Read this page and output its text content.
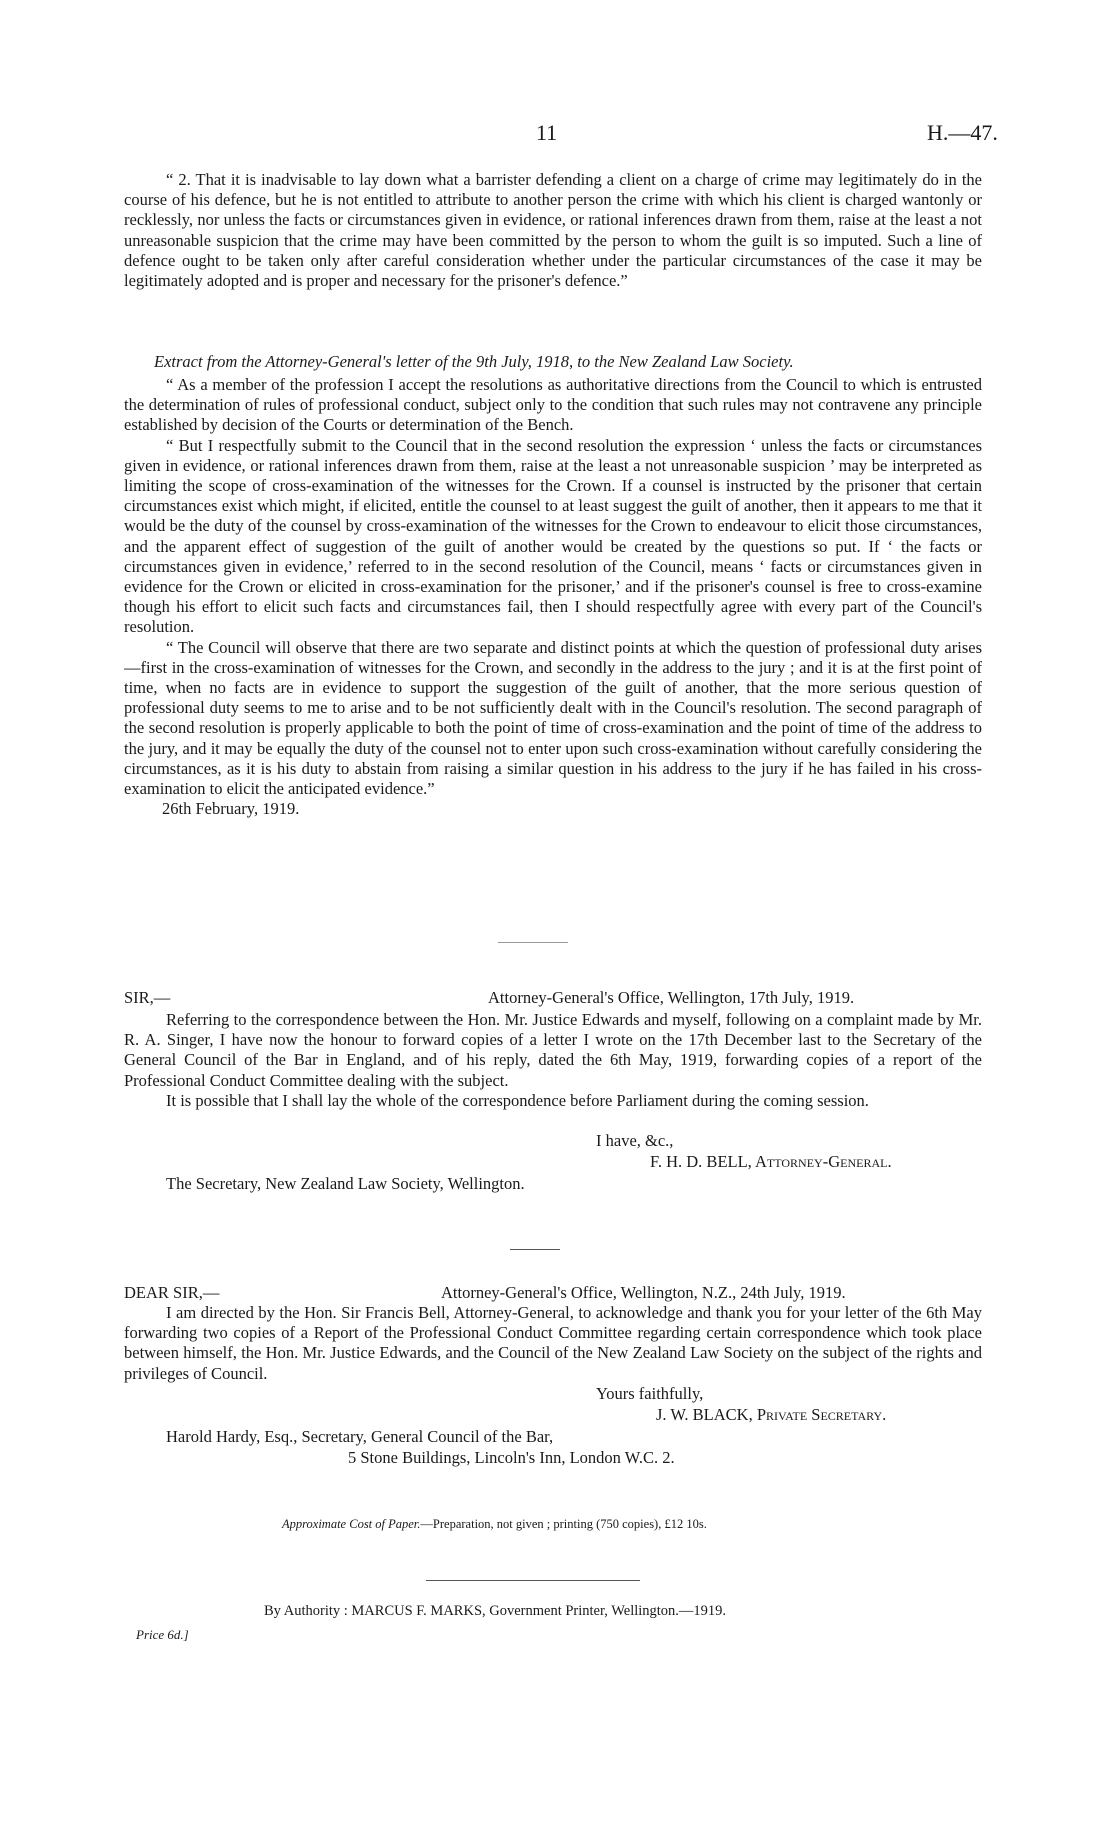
11	H.—47.

“ 2. That it is inadvisable to lay down what a barrister defending a client on a charge of crime may legitimately do in the course of his defence, but he is not entitled to attribute to another person the crime with which his client is charged wantonly or recklessly, nor unless the facts or circumstances given in evidence, or rational inferences drawn from them, raise at the least a not unreasonable suspicion that the crime may have been committed by the person to whom the guilt is so imputed. Such a line of defence ought to be taken only after careful consideration whether under the particular circumstances of the case it may be legitimately adopted and is proper and necessary for the prisoner's defence.”

Extract from the Attorney-General's letter of the 9th July, 1918, to the New Zealand Law Society.

“ As a member of the profession I accept the resolutions as authoritative directions from the Council to which is entrusted the determination of rules of professional conduct, subject only to the condition that such rules may not contravene any principle established by decision of the Courts or determination of the Bench.

“ But I respectfully submit to the Council that in the second resolution the expression ‘ unless the facts or circumstances given in evidence, or rational inferences drawn from them, raise at the least a not unreasonable suspicion ’ may be interpreted as limiting the scope of cross-examination of the witnesses for the Crown. If a counsel is instructed by the prisoner that certain circumstances exist which might, if elicited, entitle the counsel to at least suggest the guilt of another, then it appears to me that it would be the duty of the counsel by cross-examination of the witnesses for the Crown to endeavour to elicit those circumstances, and the apparent effect of suggestion of the guilt of another would be created by the questions so put. If ‘ the facts or circumstances given in evidence,’ referred to in the second resolution of the Council, means ‘ facts or circumstances given in evidence for the Crown or elicited in cross-examination for the prisoner,’ and if the prisoner's counsel is free to cross-examine though his effort to elicit such facts and circumstances fail, then I should respectfully agree with every part of the Council's resolution.

“ The Council will observe that there are two separate and distinct points at which the question of professional duty arises—first in the cross-examination of witnesses for the Crown, and secondly in the address to the jury ; and it is at the first point of time, when no facts are in evidence to support the suggestion of the guilt of another, that the more serious question of professional duty seems to me to arise and to be not sufficiently dealt with in the Council's resolution. The second paragraph of the second resolution is properly applicable to both the point of time of cross-examination and the point of time of the address to the jury, and it may be equally the duty of the counsel not to enter upon such cross-examination without carefully considering the circumstances, as it is his duty to abstain from raising a similar question in his address to the jury if he has failed in his cross-examination to elicit the anticipated evidence.”

26th February, 1919.

SIR,—	Attorney-General's Office, Wellington, 17th July, 1919.

Referring to the correspondence between the Hon. Mr. Justice Edwards and myself, following on a complaint made by Mr. R. A. Singer, I have now the honour to forward copies of a letter I wrote on the 17th December last to the Secretary of the General Council of the Bar in England, and of his reply, dated the 6th May, 1919, forwarding copies of a report of the Professional Conduct Committee dealing with the subject.

It is possible that I shall lay the whole of the correspondence before Parliament during the coming session.

I have, &c.,
F. H. D. BELL, Attorney-General.
The Secretary, New Zealand Law Society, Wellington.
DEAR SIR,—	Attorney-General's Office, Wellington, N.Z., 24th July, 1919.

I am directed by the Hon. Sir Francis Bell, Attorney-General, to acknowledge and thank you for your letter of the 6th May forwarding two copies of a Report of the Professional Conduct Committee regarding certain correspondence which took place between himself, the Hon. Mr. Justice Edwards, and the Council of the New Zealand Law Society on the subject of the rights and privileges of Council.

Yours faithfully,
J. W. BLACK, Private Secretary.
Harold Hardy, Esq., Secretary, General Council of the Bar,
5 Stone Buildings, Lincoln's Inn, London W.C. 2.
Approximate Cost of Paper.—Preparation, not given ; printing (750 copies), £12 10s.
By Authority : MARCUS F. MARKS, Government Printer, Wellington.—1919.
Price 6d.]
